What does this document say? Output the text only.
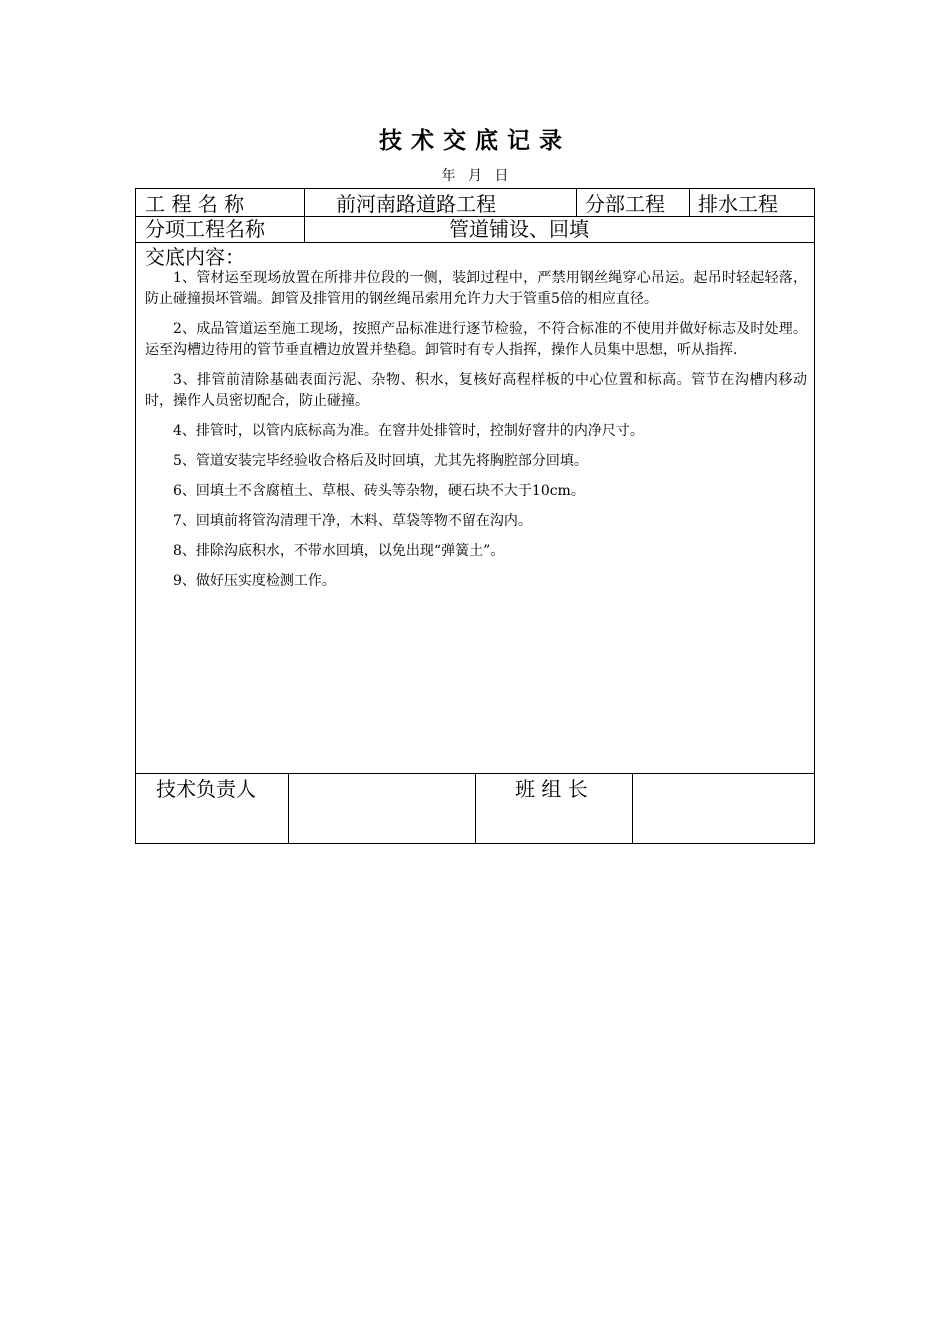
技术交底记录
年 月 日
工 程 名 称	前河南路道路工程	分部工程 排水工程
分项工程名称	管道铺设、回填
交底内容：

1、管材运至现场放置在所排井位段的一侧，装卸过程中，严禁用钢丝绳穿心吊运。起吊时轻起轻落，防止碰撞损坏管端。卸管及排管用的钢丝绳吊索用允许力大于管重5倍的相应直径。

2、成品管道运至施工现场，按照产品标准进行逐节检验，不符合标准的不使用并做好标志及时处理。运至沟槽边待用的管节垂直槽边放置并垫稳。卸管时有专人指挥，操作人员集中思想，听从指挥.

3、排管前清除基础表面污泥、杂物、积水，复核好高程样板的中心位置和标高。管节在沟槽内移动时，操作人员密切配合，防止碰撞。

4、排管时，以管内底标高为准。在窨井处排管时，控制好窨井的内净尺寸。

5、管道安装完毕经验收合格后及时回填，尤其先将胸腔部分回填。

6、回填土不含腐植土、草根、砖头等杂物，硬石块不大于10cm。

7、回填前将管沟清理干净，木料、草袋等物不留在沟内。

8、排除沟底积水，不带水回填，以免出现“弹簧土”。

9、做好压实度检测工作。

技术负责人	班 组 长
